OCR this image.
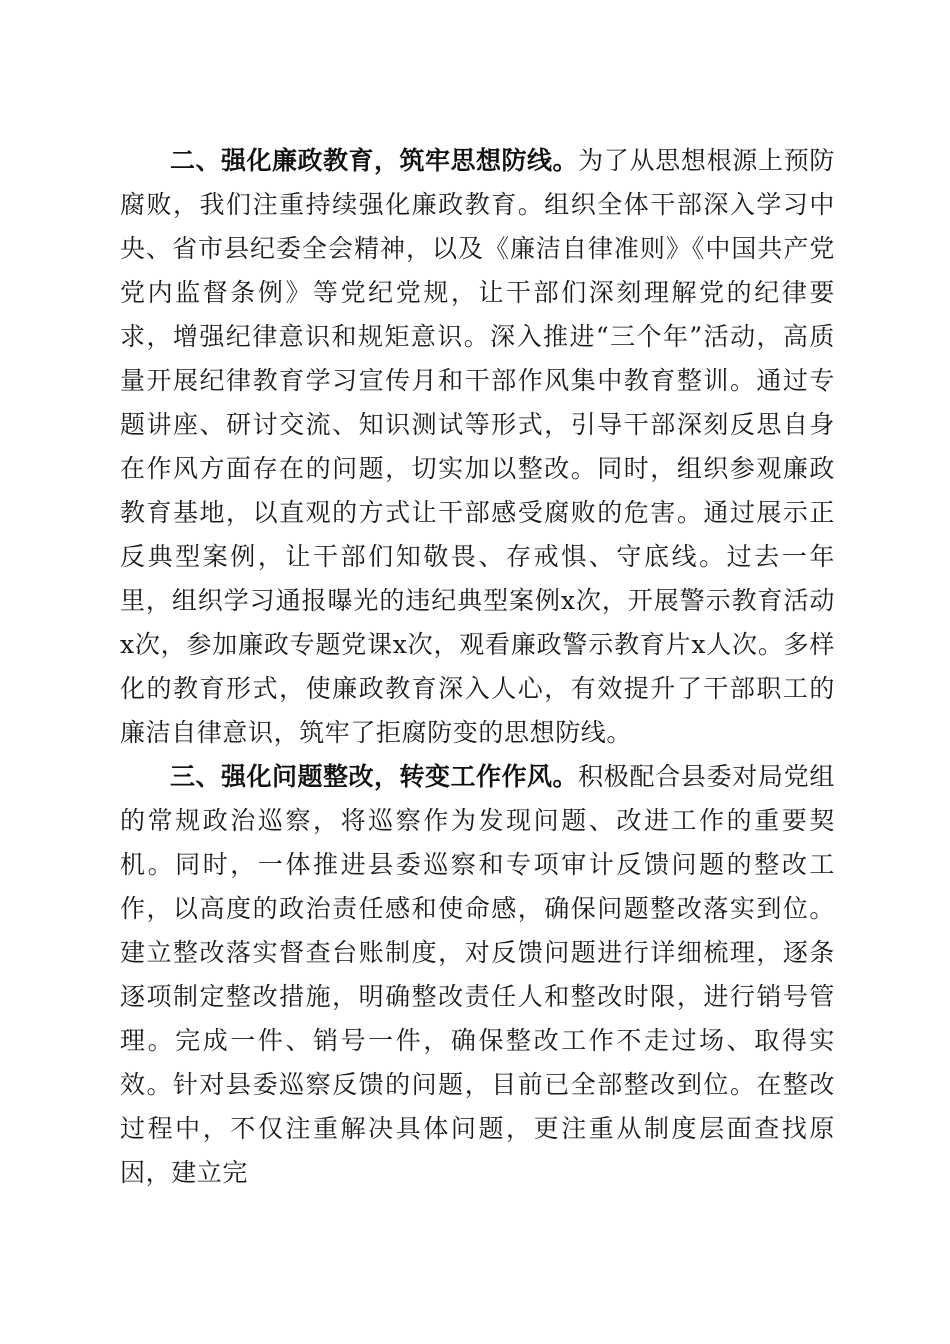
二、强化廉政教育，筑牢思想防线。为了从思想根源上预防腐败，我们注重持续强化廉政教育。组织全体干部深入学习中央、省市县纪委全会精神，以及《廉洁自律准则》《中国共产党党内监督条例》等党纪党规，让干部们深刻理解党的纪律要求，增强纪律意识和规矩意识。深入推进“三个年”活动，高质量开展纪律教育学习宣传月和干部作风集中教育整训。通过专题讲座、研讨交流、知识测试等形式，引导干部深刻反思自身在作风方面存在的问题，切实加以整改。同时，组织参观廉政教育基地，以直观的方式让干部感受腐败的危害。通过展示正反典型案例，让干部们知敬畏、存戒惧、守底线。过去一年里，组织学习通报曝光的违纪典型案例x次，开展警示教育活动x次，参加廉政专题党课x次，观看廉政警示教育片x人次。多样化的教育形式，使廉政教育深入人心，有效提升了干部职工的廉洁自律意识，筑牢了拒腐防变的思想防线。

三、强化问题整改，转变工作作风。积极配合县委对局党组的常规政治巡察，将巡察作为发现问题、改进工作的重要契机。同时，一体推进县委巡察和专项审计反馈问题的整改工作，以高度的政治责任感和使命感，确保问题整改落实到位。建立整改落实督查台账制度，对反馈问题进行详细梳理，逐条逐项制定整改措施，明确整改责任人和整改时限，进行销号管理。完成一件、销号一件，确保整改工作不走过场、取得实效。针对县委巡察反馈的问题，目前已全部整改到位。在整改过程中，不仅注重解决具体问题，更注重从制度层面查找原因，建立完
